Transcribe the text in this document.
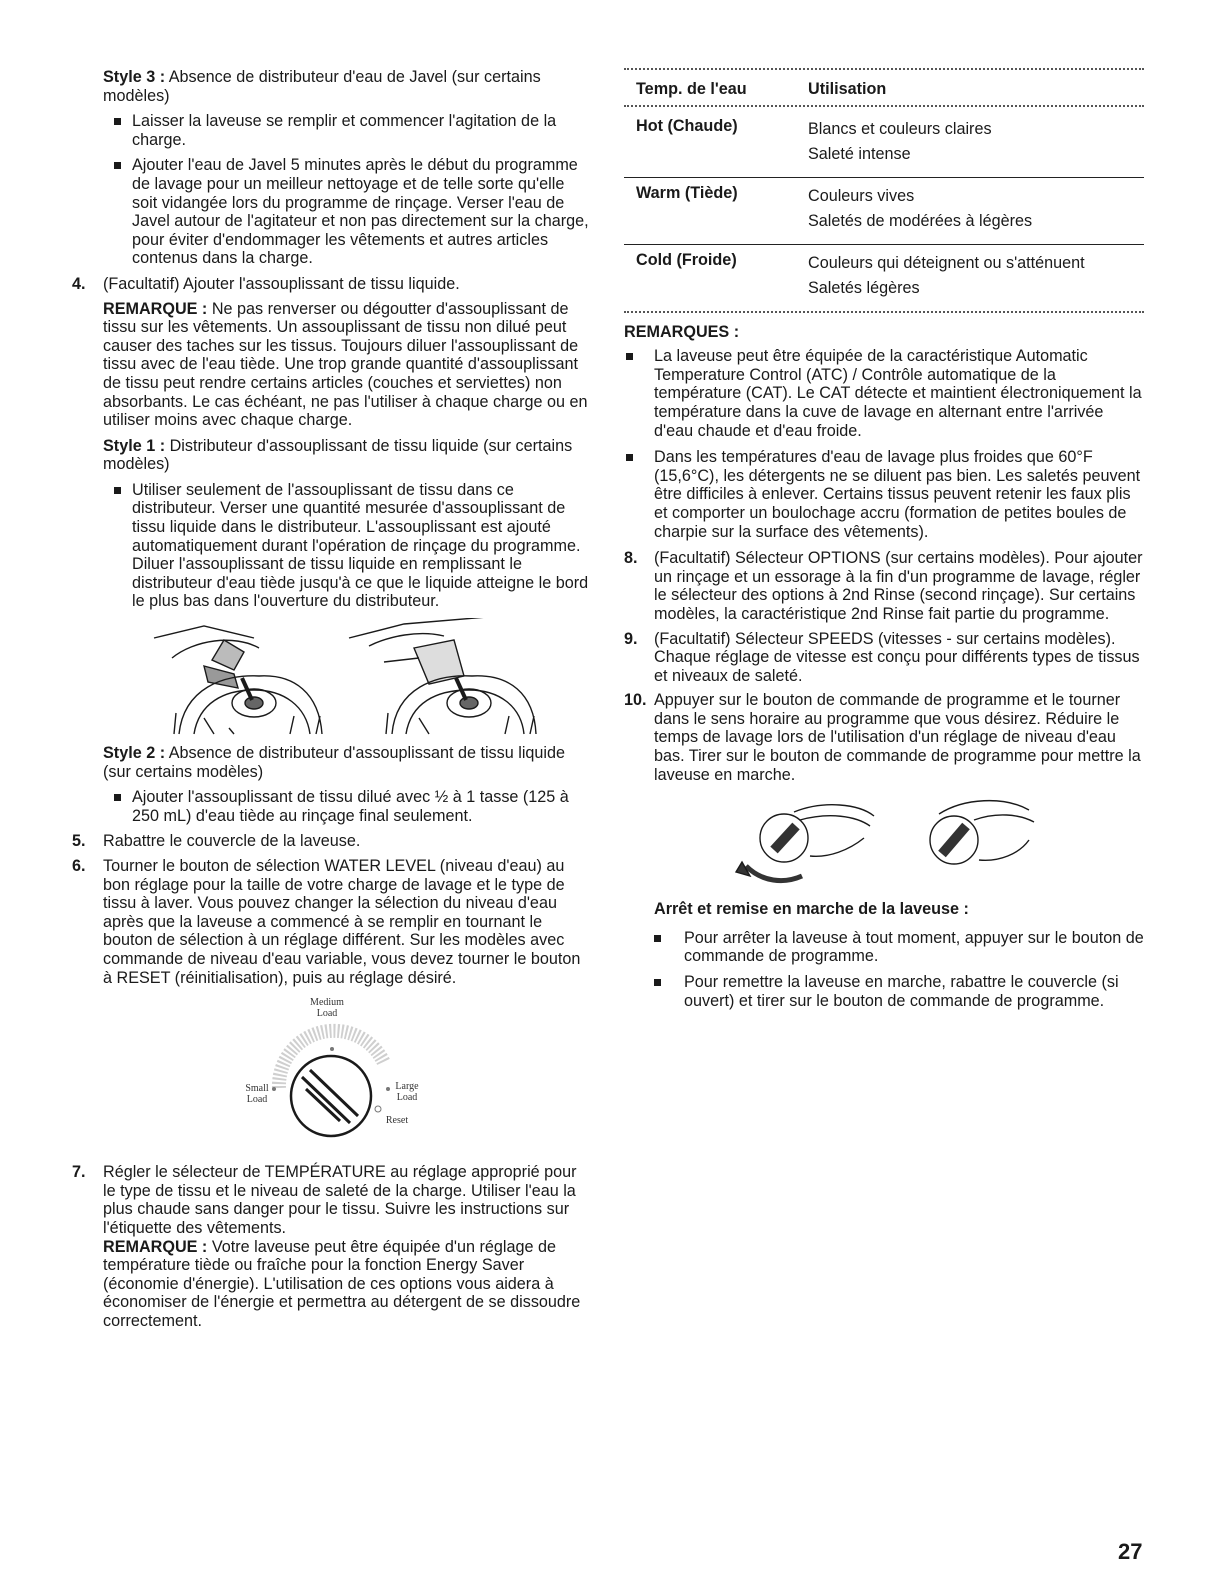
Style 3 : Absence de distributeur d'eau de Javel (sur certains modèles)

Laisser la laveuse se remplir et commencer l'agitation de la charge.
Ajouter l'eau de Javel 5 minutes après le début du programme de lavage pour un meilleur nettoyage et de telle sorte qu'elle soit vidangée lors du programme de rinçage. Verser l'eau de Javel autour de l'agitateur et non pas directement sur la charge, pour éviter d'endommager les vêtements et autres articles contenus dans la charge.
4. (Facultatif) Ajouter l'assouplissant de tissu liquide.

REMARQUE : Ne pas renverser ou dégoutter d'assouplissant de tissu sur les vêtements. Un assouplissant de tissu non dilué peut causer des taches sur les tissus. Toujours diluer l'assouplissant de tissu avec de l'eau tiède. Une trop grande quantité d'assouplissant de tissu peut rendre certains articles (couches et serviettes) non absorbants. Le cas échéant, ne pas l'utiliser à chaque charge ou en utiliser moins avec chaque charge.

Style 1 : Distributeur d'assouplissant de tissu liquide (sur certains modèles)

Utiliser seulement de l'assouplissant de tissu dans ce distributeur. Verser une quantité mesurée d'assouplissant de tissu liquide dans le distributeur. L'assouplissant est ajouté automatiquement durant l'opération de rinçage du programme. Diluer l'assouplissant de tissu liquide en remplissant le distributeur d'eau tiède jusqu'à ce que le liquide atteigne le bord le plus bas dans l'ouverture du distributeur.

Style 2 : Absence de distributeur d'assouplissant de tissu liquide (sur certains modèles)

Ajouter l'assouplissant de tissu dilué avec ½ à 1 tasse (125 à 250 mL) d'eau tiède au rinçage final seulement.
5. Rabattre le couvercle de la laveuse.
6. Tourner le bouton de sélection WATER LEVEL (niveau d'eau) au bon réglage pour la taille de votre charge de lavage et le type de tissu à laver. Vous pouvez changer la sélection du niveau d'eau après que la laveuse a commencé à se remplir en tournant le bouton de sélection à un réglage différent. Sur les modèles avec commande de niveau d'eau variable, vous devez tourner le bouton à RESET (réinitialisation), puis au réglage désiré.
Medium
Load
Small
Load
Large
Load
Reset
7. Régler le sélecteur de TEMPÉRATURE au réglage approprié pour le type de tissu et le niveau de saleté de la charge. Utiliser l'eau la plus chaude sans danger pour le tissu. Suivre les instructions sur l'étiquette des vêtements.
REMARQUE : Votre laveuse peut être équipée d'un réglage de température tiède ou fraîche pour la fonction Energy Saver (économie d'énergie). L'utilisation de ces options vous aidera à économiser de l'énergie et permettra au détergent de se dissoudre correctement.
Temp. de l'eau	Utilisation
Hot (Chaude)	Blancs et couleurs claires
Saleté intense
Warm (Tiède)	Couleurs vives
Saletés de modérées à légères
Cold (Froide)	Couleurs qui déteignent ou s'atténuent
Saletés légères
REMARQUES :
La laveuse peut être équipée de la caractéristique Automatic Temperature Control (ATC) / Contrôle automatique de la température (CAT). Le CAT détecte et maintient électroniquement la température dans la cuve de lavage en alternant entre l'arrivée d'eau chaude et d'eau froide.
Dans les températures d'eau de lavage plus froides que 60°F (15,6°C), les détergents ne se diluent pas bien. Les saletés peuvent être difficiles à enlever. Certains tissus peuvent retenir les faux plis et comporter un boulochage accru (formation de petites boules de charpie sur la surface des vêtements).
8. (Facultatif) Sélecteur OPTIONS (sur certains modèles). Pour ajouter un rinçage et un essorage à la fin d'un programme de lavage, régler le sélecteur des options à 2nd Rinse (second rinçage). Sur certains modèles, la caractéristique 2nd Rinse fait partie du programme.
9. (Facultatif) Sélecteur SPEEDS (vitesses - sur certains modèles). Chaque réglage de vitesse est conçu pour différents types de tissus et niveaux de saleté.
10. Appuyer sur le bouton de commande de programme et le tourner dans le sens horaire au programme que vous désirez. Réduire le temps de lavage lors de l'utilisation d'un réglage de niveau d'eau bas. Tirer sur le bouton de commande de programme pour mettre la laveuse en marche.
Arrêt et remise en marche de la laveuse :
Pour arrêter la laveuse à tout moment, appuyer sur le bouton de commande de programme.
Pour remettre la laveuse en marche, rabattre le couvercle (si ouvert) et tirer sur le bouton de commande de programme.
27
